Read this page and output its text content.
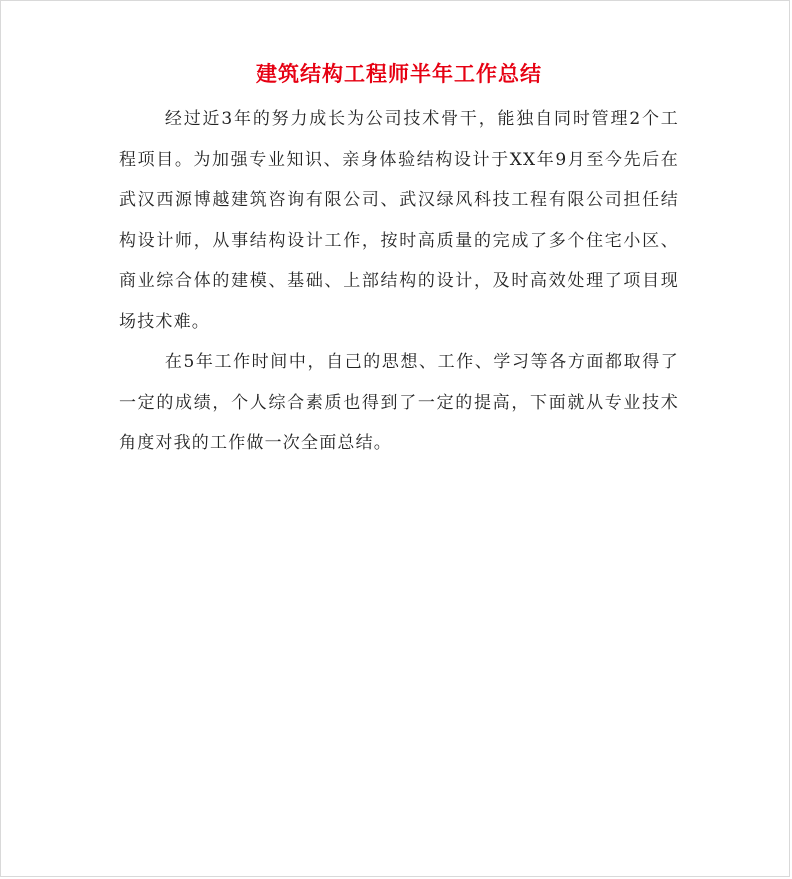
建筑结构工程师半年工作总结

经过近3年的努力成长为公司技术骨干，能独自同时管理2个工程项目。为加强专业知识、亲身体验结构设计于XX年9月至今先后在武汉西源博越建筑咨询有限公司、武汉绿风科技工程有限公司担任结构设计师，从事结构设计工作，按时高质量的完成了多个住宅小区、商业综合体的建模、基础、上部结构的设计，及时高效处理了项目现场技术难。

在5年工作时间中，自己的思想、工作、学习等各方面都取得了一定的成绩，个人综合素质也得到了一定的提高，下面就从专业技术角度对我的工作做一次全面总结。
